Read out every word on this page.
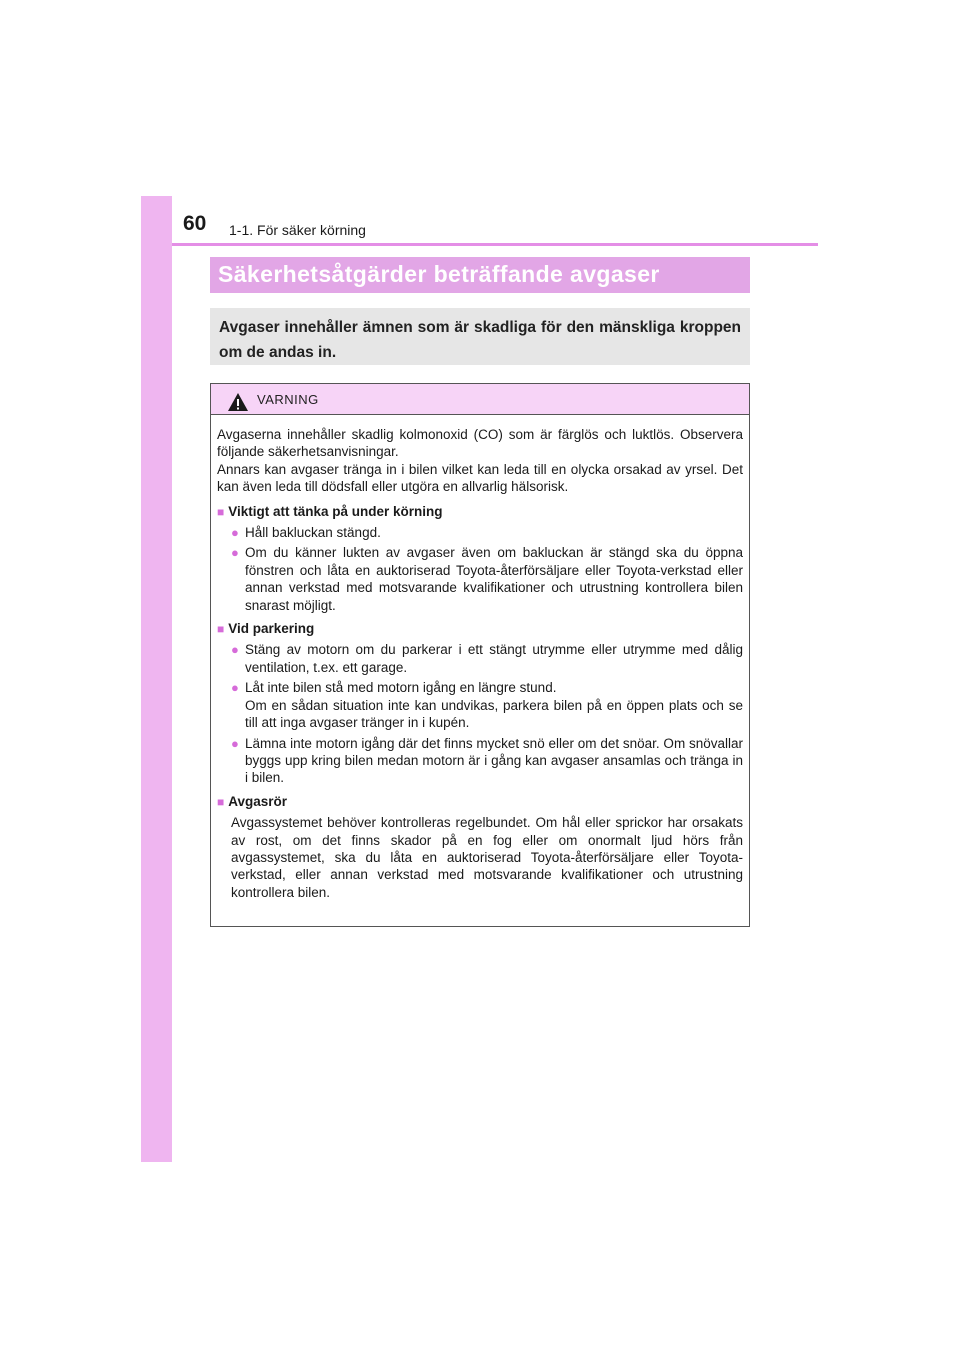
60 1-1. För säker körning
Säkerhetsåtgärder beträffande avgaser
Avgaser innehåller ämnen som är skadliga för den mänskliga kroppen om de andas in.
VARNING
Avgaserna innehåller skadlig kolmonoxid (CO) som är färglös och luktlös. Observera följande säkerhetsanvisningar.
Annars kan avgaser tränga in i bilen vilket kan leda till en olycka orsakad av yrsel. Det kan även leda till dödsfall eller utgöra en allvarlig hälsorisk.
■ Viktigt att tänka på under körning
● Håll bakluckan stängd.
● Om du känner lukten av avgaser även om bakluckan är stängd ska du öppna fönstren och låta en auktoriserad Toyota-återförsäljare eller Toyota-verkstad eller annan verkstad med motsvarande kvalifikationer och utrustning kontrollera bilen snarast möjligt.
■ Vid parkering
● Stäng av motorn om du parkerar i ett stängt utrymme eller utrymme med dålig ventilation, t.ex. ett garage.
● Låt inte bilen stå med motorn igång en längre stund.
Om en sådan situation inte kan undvikas, parkera bilen på en öppen plats och se till att inga avgaser tränger in i kupén.
● Lämna inte motorn igång där det finns mycket snö eller om det snöar. Om snövallar byggs upp kring bilen medan motorn är i gång kan avgaser ansamlas och tränga in i bilen.
■ Avgasrör
Avgassystemet behöver kontrolleras regelbundet. Om hål eller sprickor har orsakats av rost, om det finns skador på en fog eller om onormalt ljud hörs från avgassystemet, ska du låta en auktoriserad Toyota-återförsäljare eller Toyota-verkstad, eller annan verkstad med motsvarande kvalifikationer och utrustning kontrollera bilen.
